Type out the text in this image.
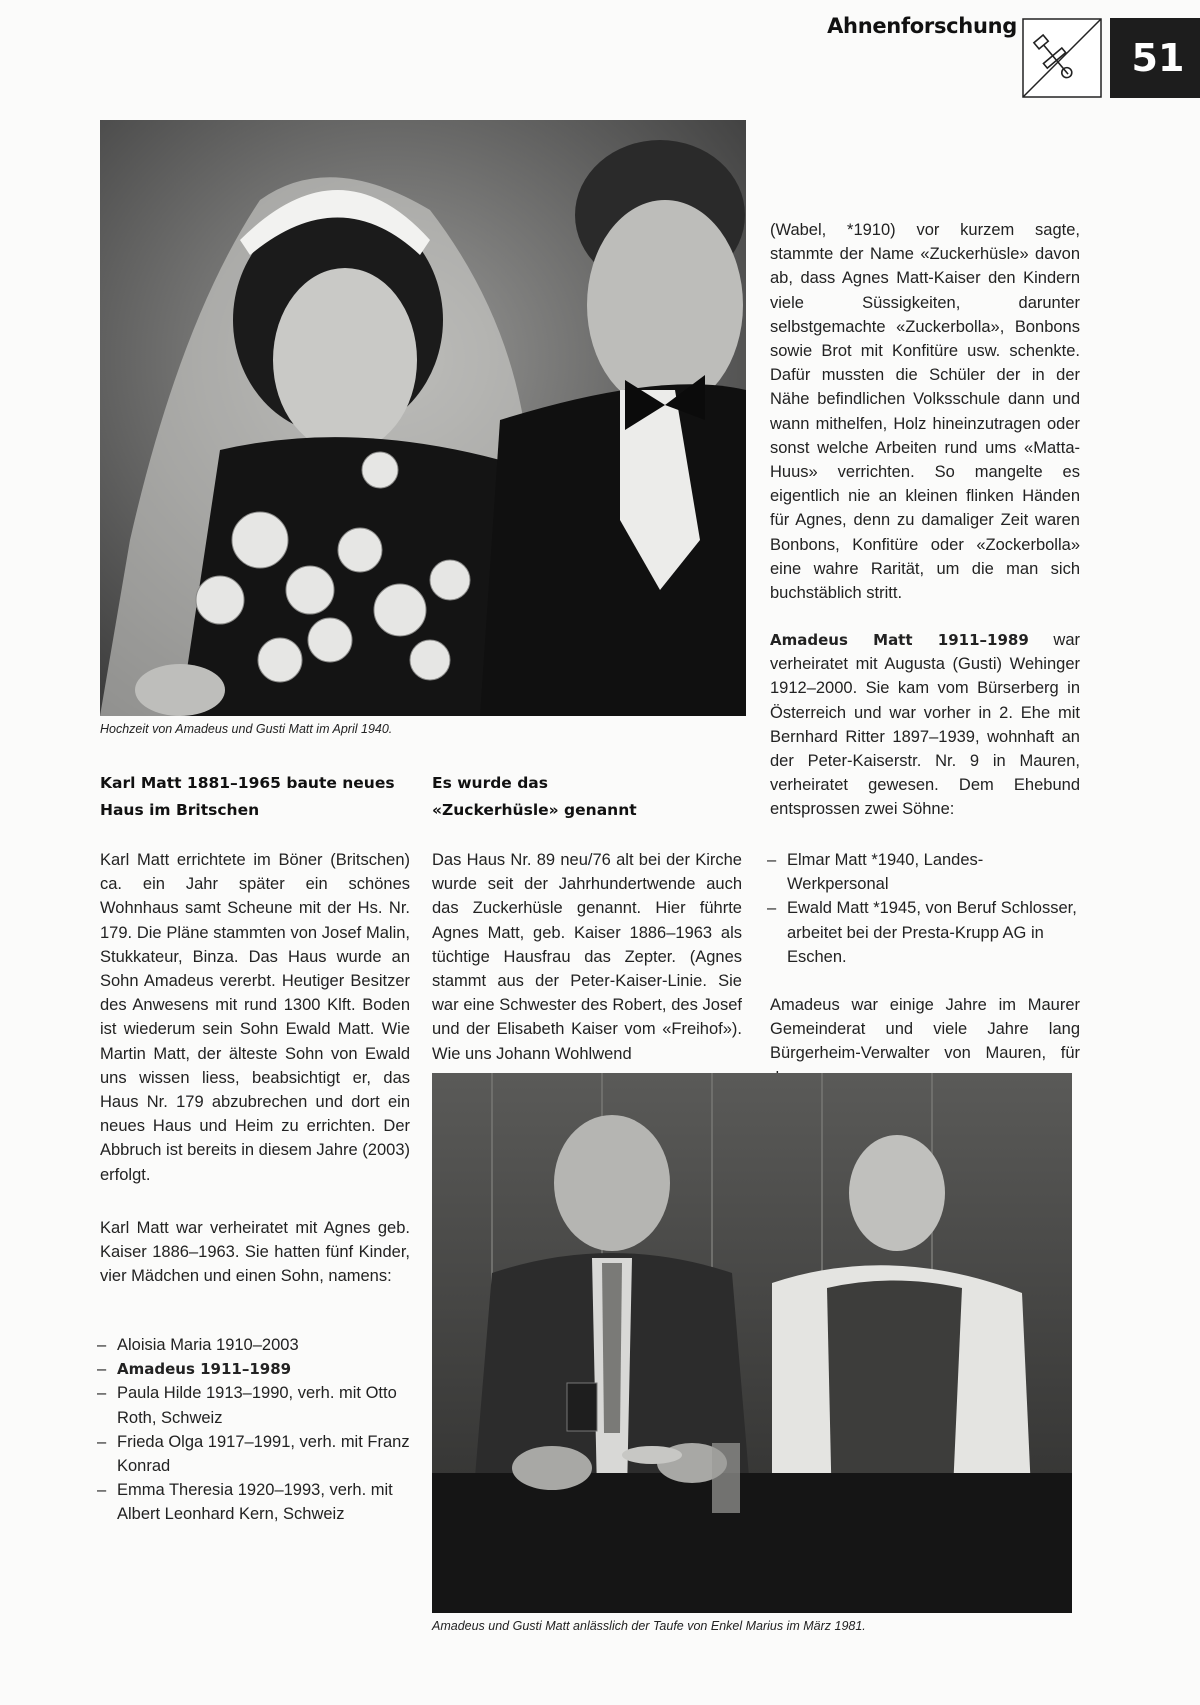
Ahnenforschung
51
Hochzeit von Amadeus und Gusti Matt im April 1940.
Karl Matt 1881–1965 baute neues
Haus im Britschen

Karl Matt errichtete im Böner (Britschen) ca. ein Jahr später ein schönes Wohnhaus samt Scheune mit der Hs. Nr. 179. Die Pläne stammten von Josef Malin, Stukkateur, Binza. Das Haus wurde an Sohn Amadeus vererbt. Heutiger Besitzer des Anwesens mit rund 1300 Klft. Boden ist wiederum sein Sohn Ewald Matt. Wie Martin Matt, der älteste Sohn von Ewald uns wissen liess, beabsichtigt er, das Haus Nr. 179 abzubrechen und dort ein neues Haus und Heim zu errichten. Der Abbruch ist bereits in diesem Jahre (2003) erfolgt.

Karl Matt war verheiratet mit Agnes geb. Kaiser 1886–1963. Sie hatten fünf Kinder, vier Mädchen und einen Sohn, namens:

– Aloisia Maria 1910–2003
– Amadeus 1911–1989
– Paula Hilde 1913–1990, verh. mit Otto Roth, Schweiz
– Frieda Olga 1917–1991, verh. mit Franz Konrad
– Emma Theresia 1920–1993, verh. mit Albert Leonhard Kern, Schweiz
Es wurde das
«Zuckerhüsle» genannt

Das Haus Nr. 89 neu/76 alt bei der Kirche wurde seit der Jahrhundertwende auch das Zuckerhüsle genannt. Hier führte Agnes Matt, geb. Kaiser 1886–1963 als tüchtige Hausfrau das Zepter. (Agnes stammt aus der Peter-Kaiser-Linie. Sie war eine Schwester des Robert, des Josef und der Elisabeth Kaiser vom «Freihof»). Wie uns Johann Wohlwend

(Wabel, *1910) vor kurzem sagte, stammte der Name «Zuckerhüsle» davon ab, dass Agnes Matt-Kaiser den Kindern viele Süssigkeiten, darunter selbstgemachte «Zuckerbolla», Bonbons sowie Brot mit Konfitüre usw. schenkte. Dafür mussten die Schüler der in der Nähe befindlichen Volksschule dann und wann mithelfen, Holz hineinzutragen oder sonst welche Arbeiten rund ums «Matta-Huus» verrichten. So mangelte es eigentlich nie an kleinen flinken Händen für Agnes, denn zu damaliger Zeit waren Bonbons, Konfitüre oder «Zockerbolla» eine wahre Rarität, um die man sich buchstäblich stritt.

Amadeus Matt 1911–1989 war verheiratet mit Augusta (Gusti) Wehinger 1912–2000. Sie kam vom Bürserberg in Österreich und war vorher in 2. Ehe mit Bernhard Ritter 1897–1939, wohnhaft an der Peter-Kaiserstr. Nr. 9 in Mauren, verheiratet gewesen. Dem Ehebund entsprossen zwei Söhne:

– Elmar Matt *1940, Landes-Werkpersonal
– Ewald Matt *1945, von Beruf Schlosser, arbeitet bei der Presta-Krupp AG in Eschen.

Amadeus war einige Jahre im Maurer Gemeinderat und viele Jahre lang Bürgerheim-Verwalter von Mauren, für

Amadeus und Gusti Matt anlässlich der Taufe von Enkel Marius im März 1981.
